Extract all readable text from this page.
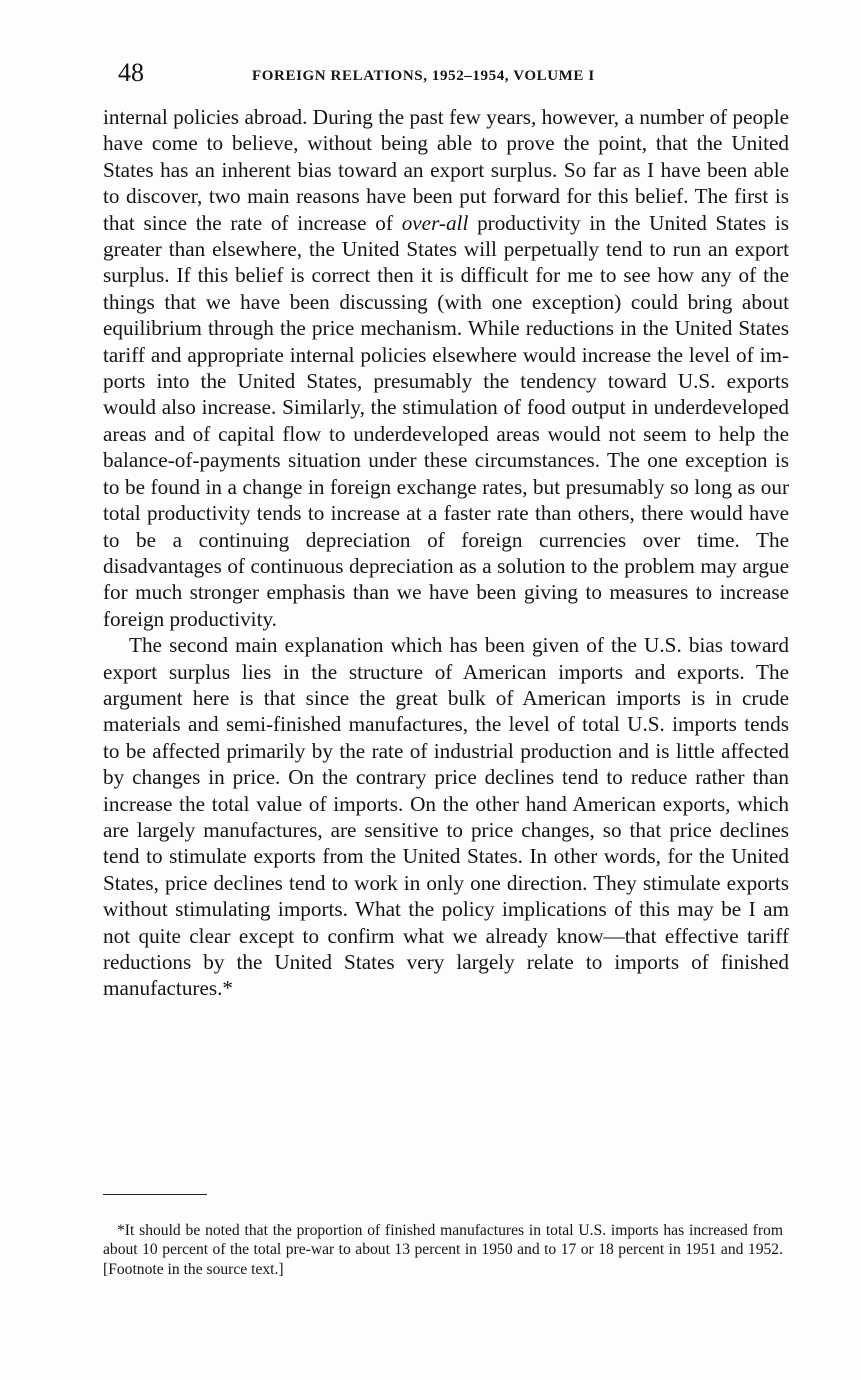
48	FOREIGN RELATIONS, 1952–1954, VOLUME I

internal policies abroad. During the past few years, however, a number of people have come to believe, without being able to prove the point, that the United States has an inherent bias toward an export surplus. So far as I have been able to discover, two main reasons have been put forward for this belief. The first is that since the rate of increase of over-all productivity in the United States is greater than elsewhere, the United States will perpetually tend to run an export surplus. If this belief is correct then it is difficult for me to see how any of the things that we have been discussing (with one exception) could bring about equilibrium through the price mechanism. While reductions in the United States tariff and appropriate internal policies elsewhere would increase the level of imports into the United States, presumably the tendency toward U.S. exports would also increase. Similarly, the stimulation of food output in underdeveloped areas and of capital flow to underdeveloped areas would not seem to help the balance-of-payments situation under these circumstances. The one exception is to be found in a change in foreign exchange rates, but presumably so long as our total productivity tends to increase at a faster rate than others, there would have to be a continuing depreciation of foreign currencies over time. The disadvantages of continuous depreciation as a solution to the problem may argue for much stronger emphasis than we have been giving to measures to increase foreign productivity.

The second main explanation which has been given of the U.S. bias toward export surplus lies in the structure of American imports and exports. The argument here is that since the great bulk of American imports is in crude materials and semi-finished manufactures, the level of total U.S. imports tends to be affected primarily by the rate of industrial production and is little affected by changes in price. On the contrary price declines tend to reduce rather than increase the total value of imports. On the other hand American exports, which are largely manufactures, are sensitive to price changes, so that price declines tend to stimulate exports from the United States. In other words, for the United States, price declines tend to work in only one direction. They stimulate exports without stimulating imports. What the policy implications of this may be I am not quite clear except to confirm what we already know—that effective tariff reductions by the United States very largely relate to imports of finished manufactures.*

*It should be noted that the proportion of finished manufactures in total U.S. imports has increased from about 10 percent of the total pre-war to about 13 percent in 1950 and to 17 or 18 percent in 1951 and 1952. [Footnote in the source text.]
